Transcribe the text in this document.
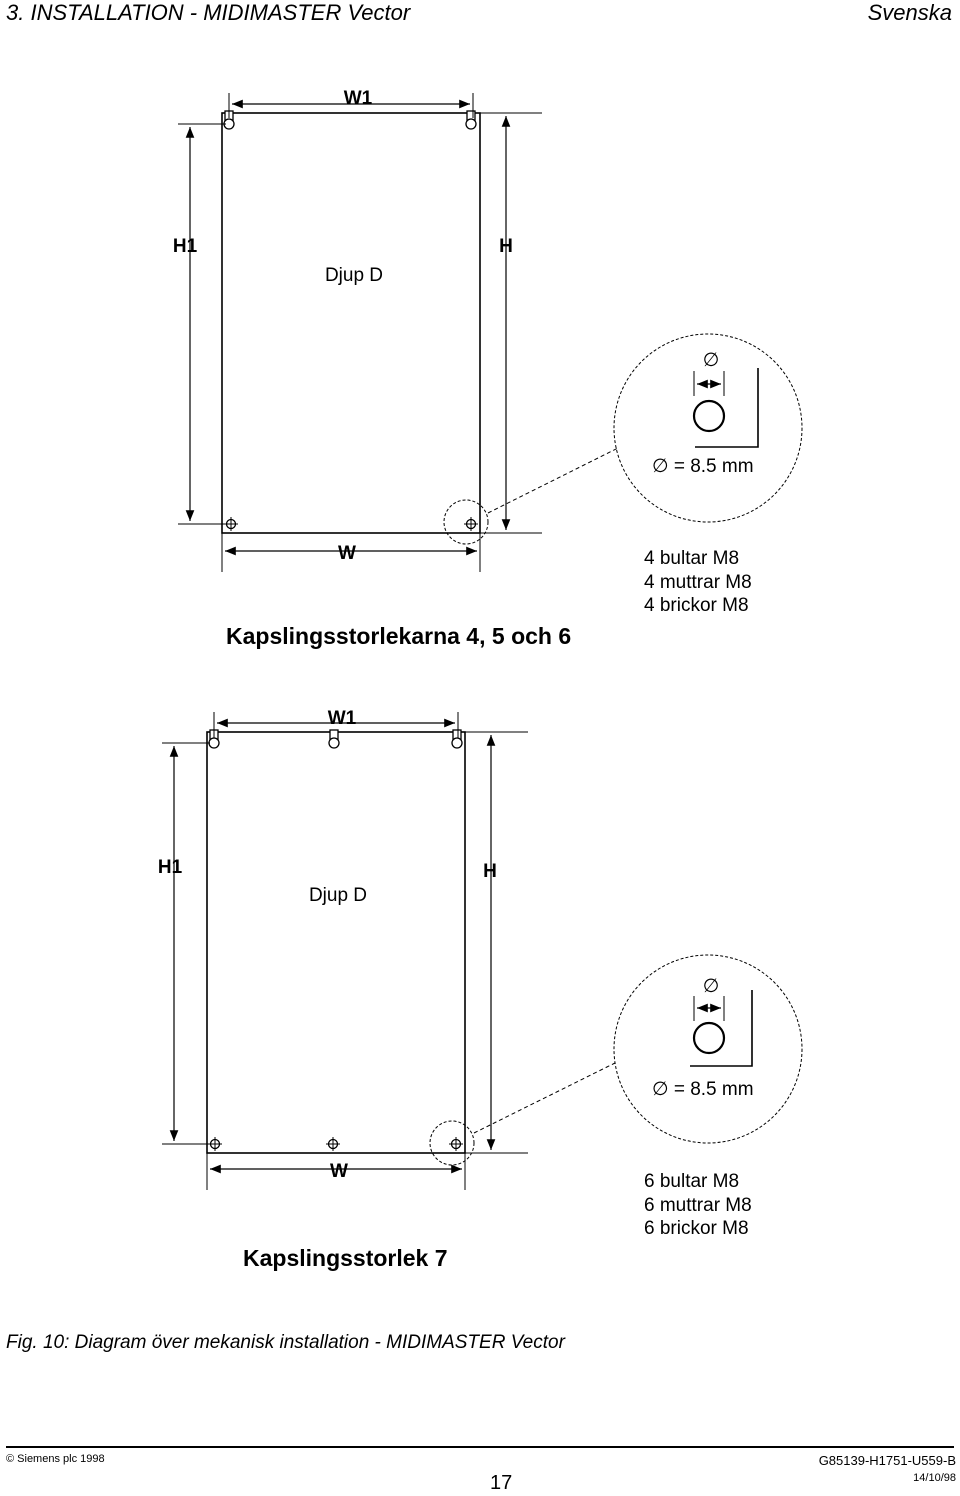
3. INSTALLATION - MIDIMASTER Vector	Svenska
W1
H1	H
Djup D
W
∅
∅ = 8.5 mm
4 bultar M8
4 muttrar M8
4 brickor M8
Kapslingsstorlekarna 4, 5 och 6
W1
H1	H
Djup D
W
∅
∅ = 8.5 mm
6 bultar M8
6 muttrar M8
6 brickor M8
Kapslingsstorlek 7
Fig. 10: Diagram över mekanisk installation - MIDIMASTER Vector
© Siemens plc 1998	G85139-H1751-U559-B
17	14/10/98
